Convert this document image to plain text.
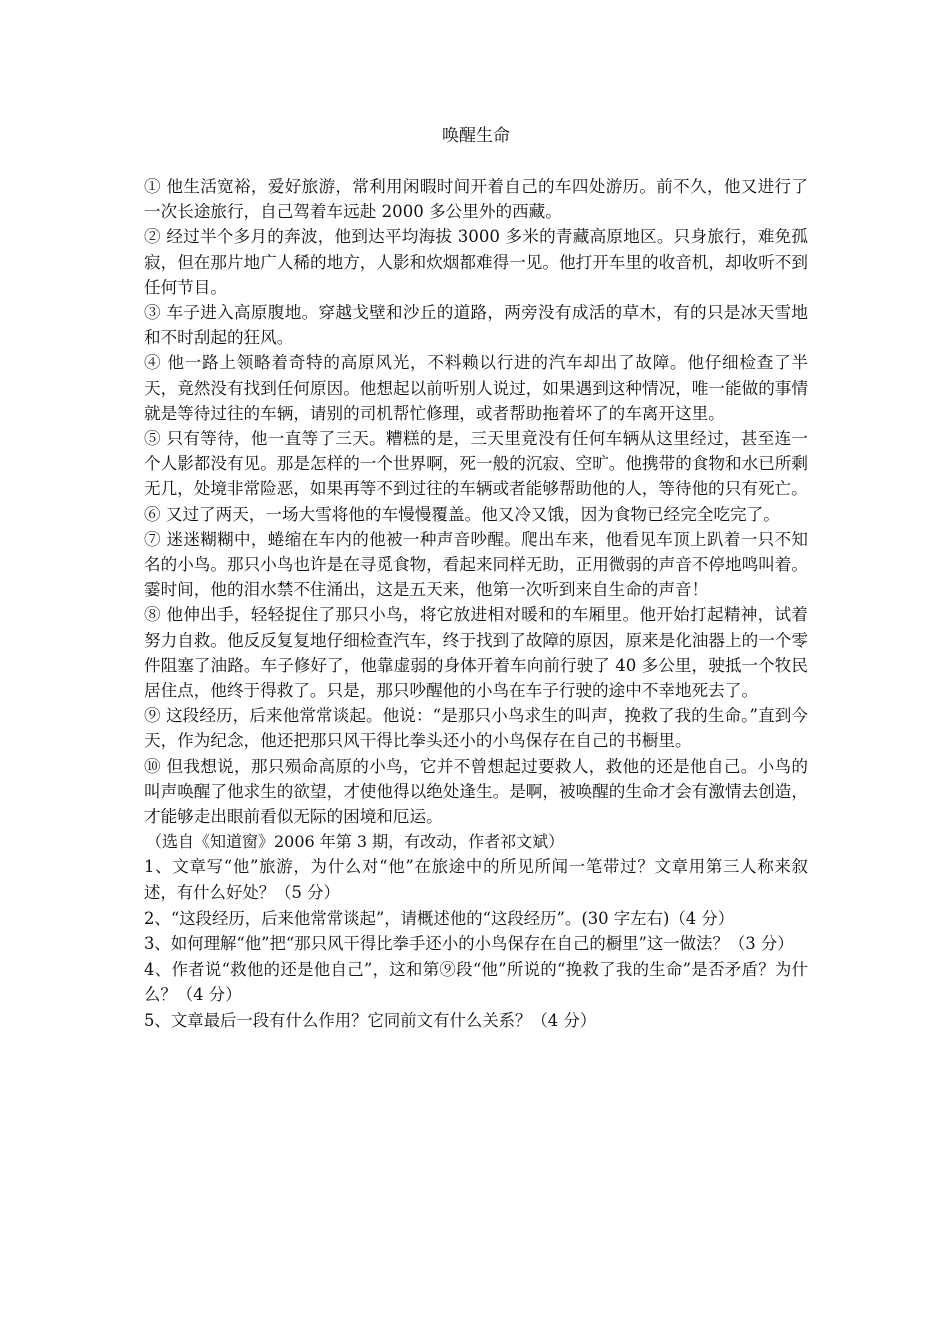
唤醒生命

① 他生活宽裕，爱好旅游，常利用闲暇时间开着自己的车四处游历。前不久，他又进行了一次长途旅行，自己驾着车远赴 2000 多公里外的西藏。

② 经过半个多月的奔波，他到达平均海拔 3000 多米的青藏高原地区。只身旅行，难免孤寂，但在那片地广人稀的地方，人影和炊烟都难得一见。他打开车里的收音机，却收听不到任何节目。

③ 车子进入高原腹地。穿越戈壁和沙丘的道路，两旁没有成活的草木，有的只是冰天雪地和不时刮起的狂风。

④ 他一路上领略着奇特的高原风光，不料赖以行进的汽车却出了故障。他仔细检查了半天，竟然没有找到任何原因。他想起以前听别人说过，如果遇到这种情况，唯一能做的事情就是等待过往的车辆，请别的司机帮忙修理，或者帮助拖着坏了的车离开这里。

⑤ 只有等待，他一直等了三天。糟糕的是，三天里竟没有任何车辆从这里经过，甚至连一个人影都没有见。那是怎样的一个世界啊，死一般的沉寂、空旷。他携带的食物和水已所剩无几，处境非常险恶，如果再等不到过往的车辆或者能够帮助他的人，等待他的只有死亡。

⑥ 又过了两天，一场大雪将他的车慢慢覆盖。他又冷又饿，因为食物已经完全吃完了。

⑦ 迷迷糊糊中，蜷缩在车内的他被一种声音吵醒。爬出车来，他看见车顶上趴着一只不知名的小鸟。那只小鸟也许是在寻觅食物，看起来同样无助，正用微弱的声音不停地鸣叫着。霎时间，他的泪水禁不住涌出，这是五天来，他第一次听到来自生命的声音！

⑧ 他伸出手，轻轻捉住了那只小鸟，将它放进相对暖和的车厢里。他开始打起精神，试着努力自救。他反反复复地仔细检查汽车，终于找到了故障的原因，原来是化油器上的一个零件阻塞了油路。车子修好了，他靠虚弱的身体开着车向前行驶了 40 多公里，驶抵一个牧民居住点，他终于得救了。只是，那只吵醒他的小鸟在车子行驶的途中不幸地死去了。

⑨ 这段经历，后来他常常谈起。他说：“是那只小鸟求生的叫声，挽救了我的生命。”直到今天，作为纪念，他还把那只风干得比拳头还小的小鸟保存在自己的书橱里。

⑩ 但我想说，那只殒命高原的小鸟，它并不曾想起过要救人，救他的还是他自己。小鸟的叫声唤醒了他求生的欲望，才使他得以绝处逢生。是啊，被唤醒的生命才会有激情去创造，才能够走出眼前看似无际的困境和厄运。

（选自《知道窗》2006 年第 3 期，有改动，作者祁文斌）

1、文章写“他”旅游，为什么对“他”在旅途中的所见所闻一笔带过？文章用第三人称来叙述，有什么好处？（5 分）

2、“这段经历，后来他常常谈起”，请概述他的“这段经历”。(30 字左右)（4 分）

3、如何理解“他”把“那只风干得比拳手还小的小鸟保存在自己的橱里”这一做法？（3 分）

4、作者说“救他的还是他自己”，这和第⑨段“他”所说的“挽救了我的生命”是否矛盾？为什么？（4 分）

5、文章最后一段有什么作用？它同前文有什么关系？（4 分）
